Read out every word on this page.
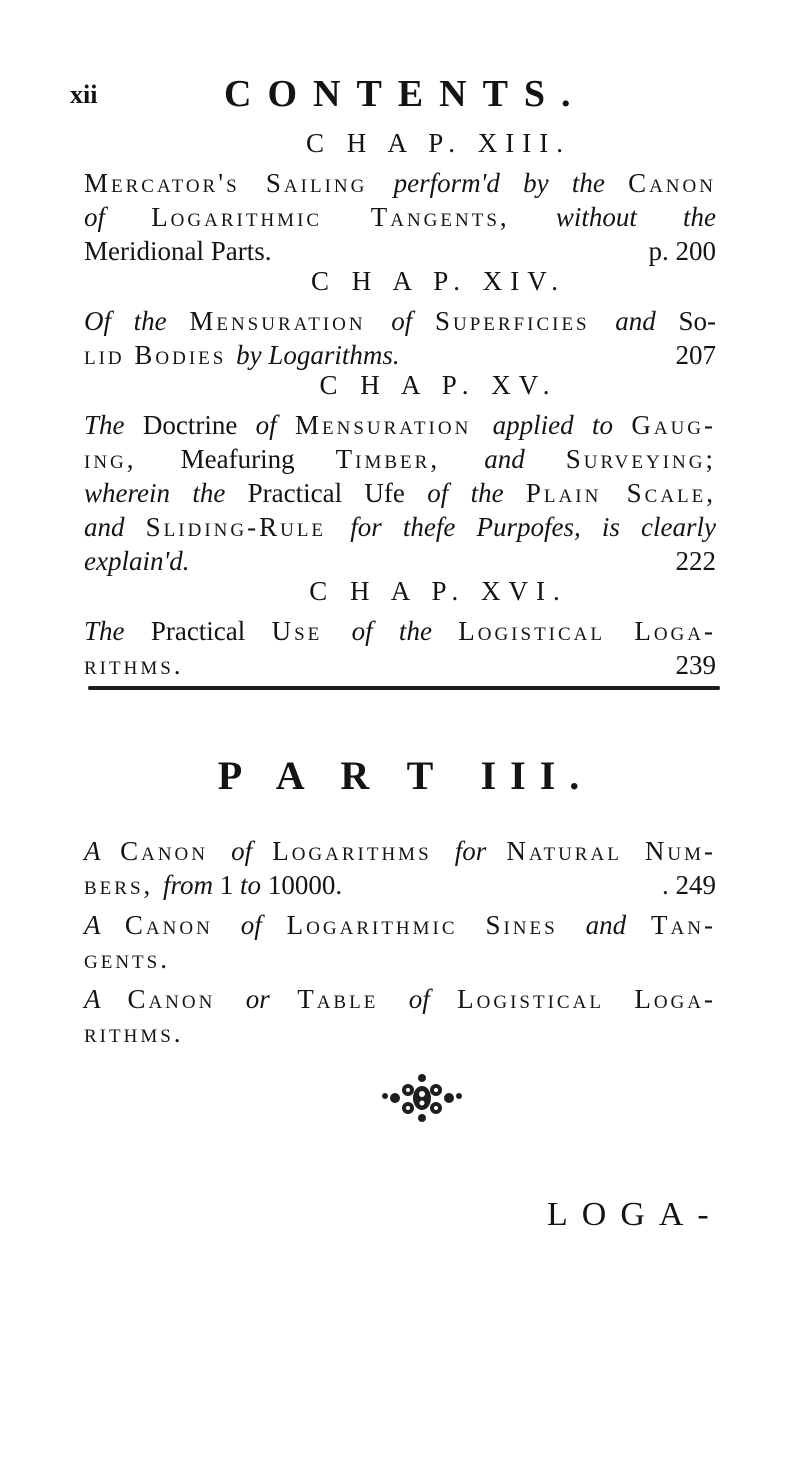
xii	CONTENTS.
C H A P. XIII.
Mercator's Sailing perform'd by the Canon
of Logarithmic Tangents, without the
Meridional Parts.	p. 200
C H A P. XIV.
Of the Mensuration of Superficies and So-
lid Bodies by Logarithms.	207
C H A P. XV.
The Doctrine of Mensuration applied to Gaug-
ing, Meafuring Timber, and Surveying;
wherein the Practical Ufe of the Plain Scale,
and Sliding-Rule for thefe Purpofes, is clearly
explain'd.	222
C H A P. XVI.
The Practical Use of the Logistical Loga-
rithms.	239
P A R T III.
A Canon of Logarithms for Natural Num-
bers, from 1 to 10000.	. 249
A Canon of Logarithmic Sines and Tan-
gents.
A Canon or Table of Logistical Loga-
rithms.
LOGA-
